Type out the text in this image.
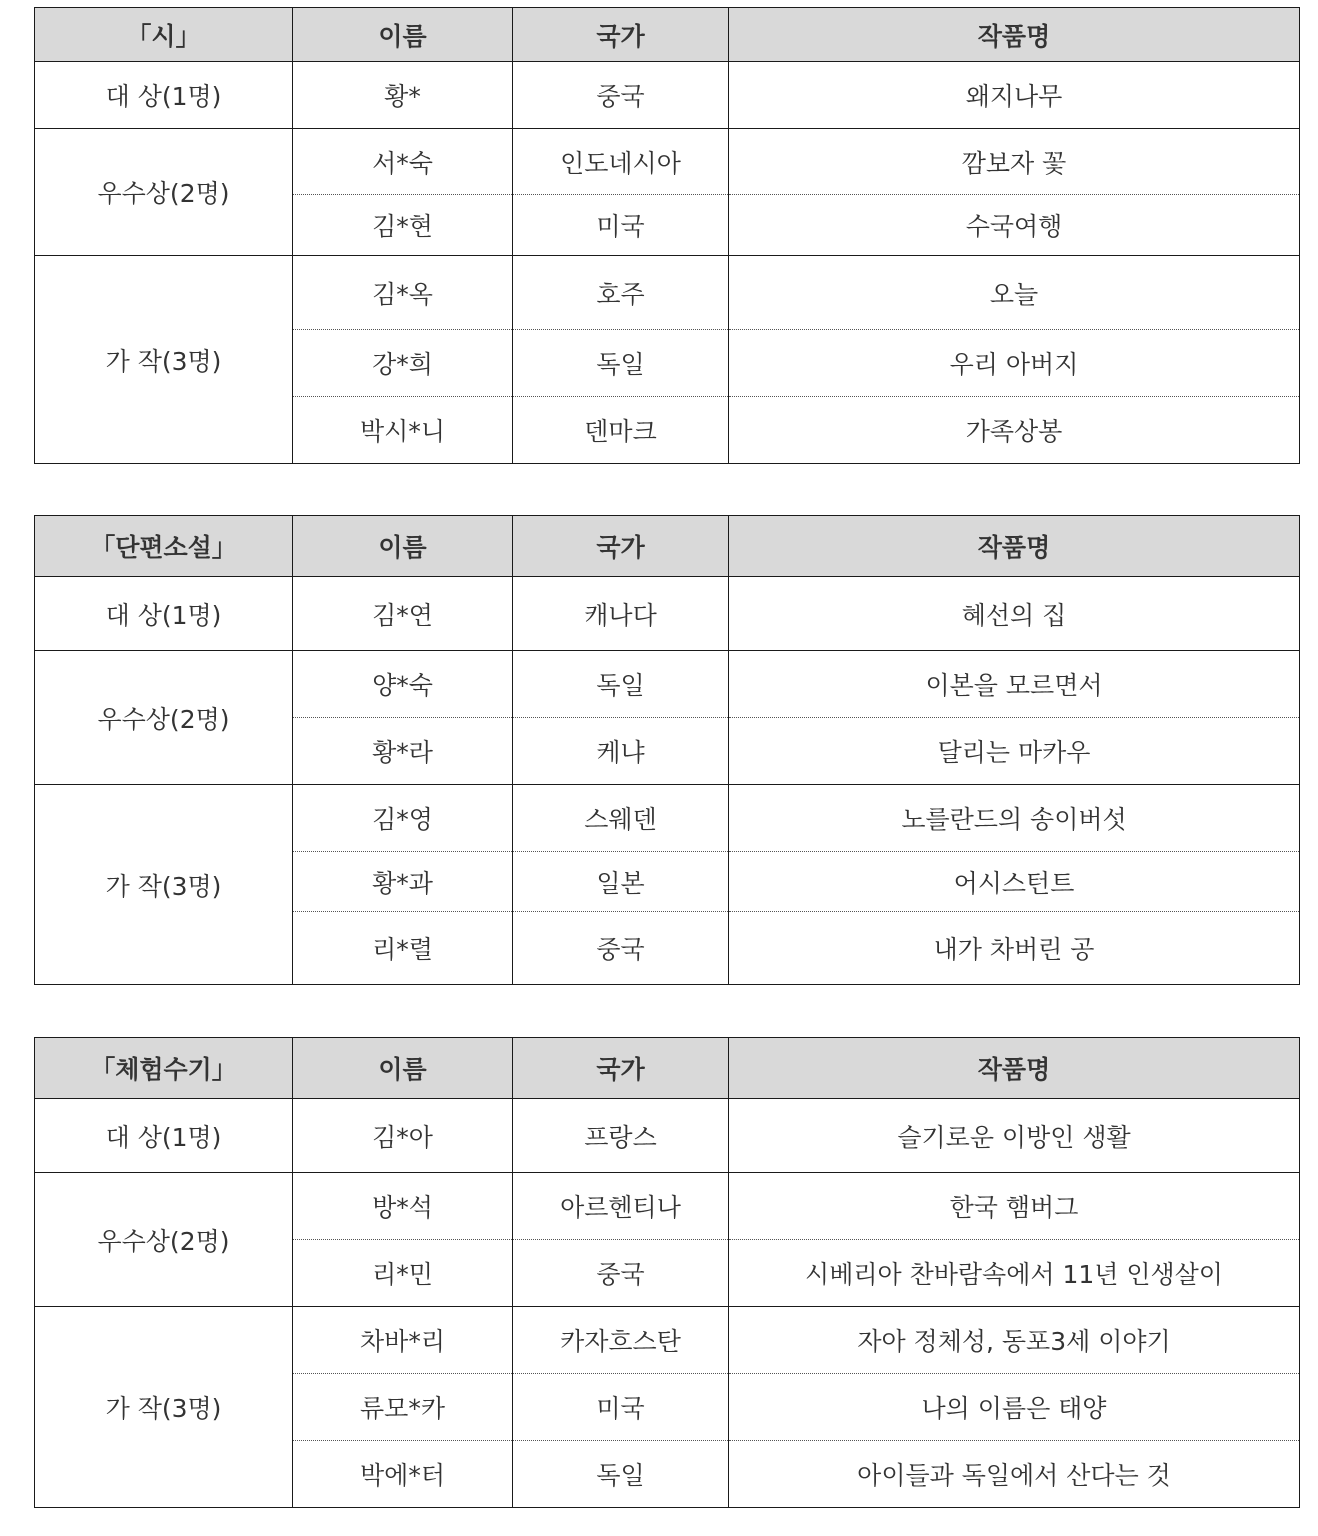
「시」	이름	국가	작품명
대 상(1명)	황*	중국	왜지나무
우수상(2명)	서*숙	인도네시아	깜보자 꽃
	김*현	미국	수국여행
가 작(3명)	김*옥	호주	오늘
	강*희	독일	우리 아버지
	박시*니	덴마크	가족상봉
「단편소설」	이름	국가	작품명
대 상(1명)	김*연	캐나다	혜선의 집
우수상(2명)	양*숙	독일	이본을 모르면서
	황*라	케냐	달리는 마카우
가 작(3명)	김*영	스웨덴	노를란드의 송이버섯
	황*과	일본	어시스턴트
	리*렬	중국	내가 차버린 공
「체험수기」	이름	국가	작품명
대 상(1명)	김*아	프랑스	슬기로운 이방인 생활
우수상(2명)	방*석	아르헨티나	한국 햄버그
	리*민	중국	시베리아 찬바람속에서 11년 인생살이
가 작(3명)	차바*리	카자흐스탄	자아 정체성, 동포3세 이야기
	류모*카	미국	나의 이름은 태양
	박에*터	독일	아이들과 독일에서 산다는 것
